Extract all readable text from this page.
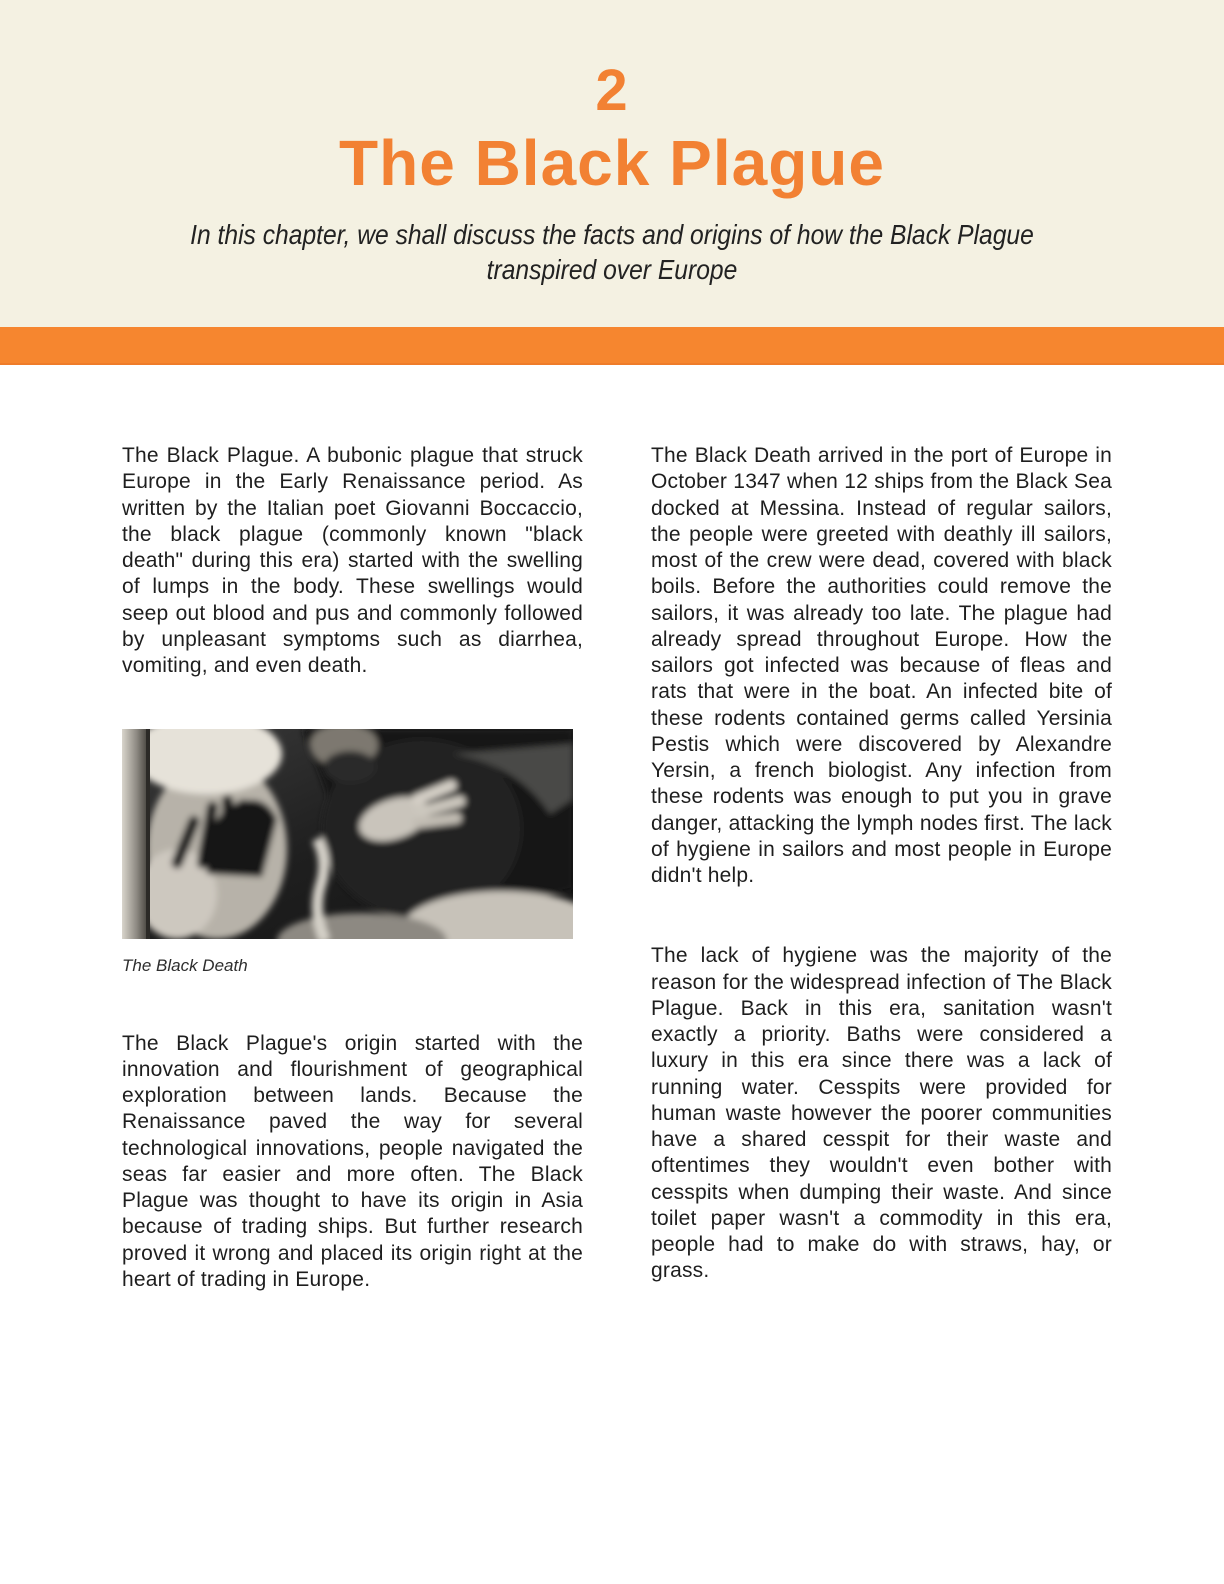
2
The Black Plague
In this chapter, we shall discuss the facts and origins of how the Black Plague transpired over Europe

The Black Plague. A bubonic plague that struck Europe in the Early Renaissance period. As written by the Italian poet Giovanni Boccaccio, the black plague (commonly known "black death" during this era) started with the swelling of lumps in the body. These swellings would seep out blood and pus and commonly followed by unpleasant symptoms such as diarrhea, vomiting, and even death.

The Black Death

The Black Plague's origin started with the innovation and flourishment of geographical exploration between lands. Because the Renaissance paved the way for several technological innovations, people navigated the seas far easier and more often. The Black Plague was thought to have its origin in Asia because of trading ships. But further research proved it wrong and placed its origin right at the heart of trading in Europe.

The Black Death arrived in the port of Europe in October 1347 when 12 ships from the Black Sea docked at Messina. Instead of regular sailors, the people were greeted with deathly ill sailors, most of the crew were dead, covered with black boils. Before the authorities could remove the sailors, it was already too late. The plague had already spread throughout Europe. How the sailors got infected was because of fleas and rats that were in the boat. An infected bite of these rodents contained germs called Yersinia Pestis which were discovered by Alexandre Yersin, a french biologist. Any infection from these rodents was enough to put you in grave danger, attacking the lymph nodes first. The lack of hygiene in sailors and most people in Europe didn't help.

The lack of hygiene was the majority of the reason for the widespread infection of The Black Plague. Back in this era, sanitation wasn't exactly a priority. Baths were considered a luxury in this era since there was a lack of running water. Cesspits were provided for human waste however the poorer communities have a shared cesspit for their waste and oftentimes they wouldn't even bother with cesspits when dumping their waste. And since toilet paper wasn't a commodity in this era, people had to make do with straws, hay, or grass.
